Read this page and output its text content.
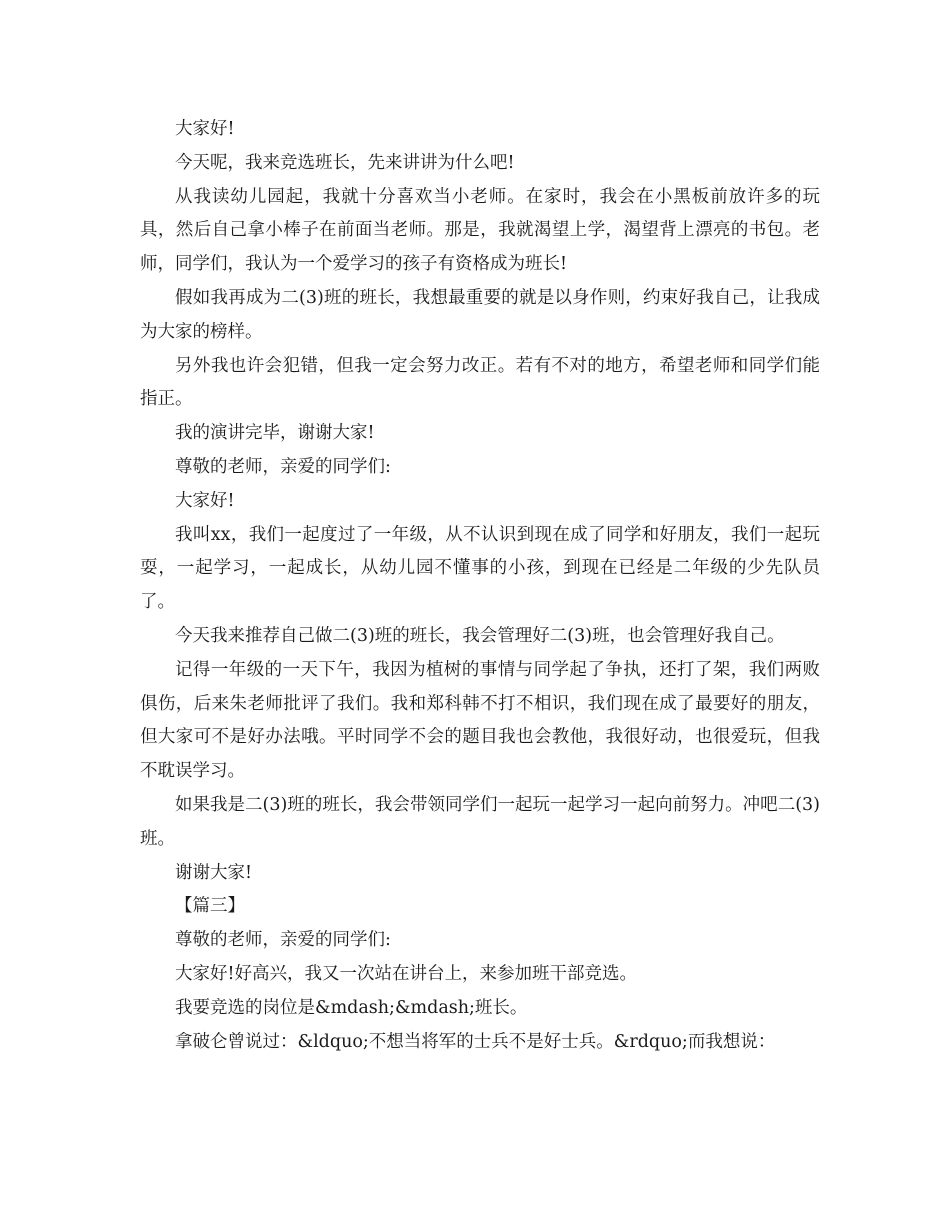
大家好!

今天呢，我来竞选班长，先来讲讲为什么吧!

从我读幼儿园起，我就十分喜欢当小老师。在家时，我会在小黑板前放许多的玩具，然后自己拿小棒子在前面当老师。那是，我就渴望上学，渴望背上漂亮的书包。老师，同学们，我认为一个爱学习的孩子有资格成为班长!

假如我再成为二(3)班的班长，我想最重要的就是以身作则，约束好我自己，让我成为大家的榜样。

另外我也许会犯错，但我一定会努力改正。若有不对的地方，希望老师和同学们能指正。

我的演讲完毕，谢谢大家!

尊敬的老师，亲爱的同学们:

大家好!

我叫xx，我们一起度过了一年级，从不认识到现在成了同学和好朋友，我们一起玩耍，一起学习，一起成长，从幼儿园不懂事的小孩，到现在已经是二年级的少先队员了。

今天我来推荐自己做二(3)班的班长，我会管理好二(3)班，也会管理好我自己。

记得一年级的一天下午，我因为植树的事情与同学起了争执，还打了架，我们两败俱伤，后来朱老师批评了我们。我和郑科韩不打不相识，我们现在成了最要好的朋友，但大家可不是好办法哦。平时同学不会的题目我也会教他，我很好动，也很爱玩，但我不耽误学习。

如果我是二(3)班的班长，我会带领同学们一起玩一起学习一起向前努力。冲吧二(3)班。

谢谢大家!

【篇三】

尊敬的老师，亲爱的同学们:

大家好!好高兴，我又一次站在讲台上，来参加班干部竞选。

我要竞选的岗位是&mdash;&mdash;班长。

拿破仑曾说过：&ldquo;不想当将军的士兵不是好士兵。&rdquo;而我想说：
